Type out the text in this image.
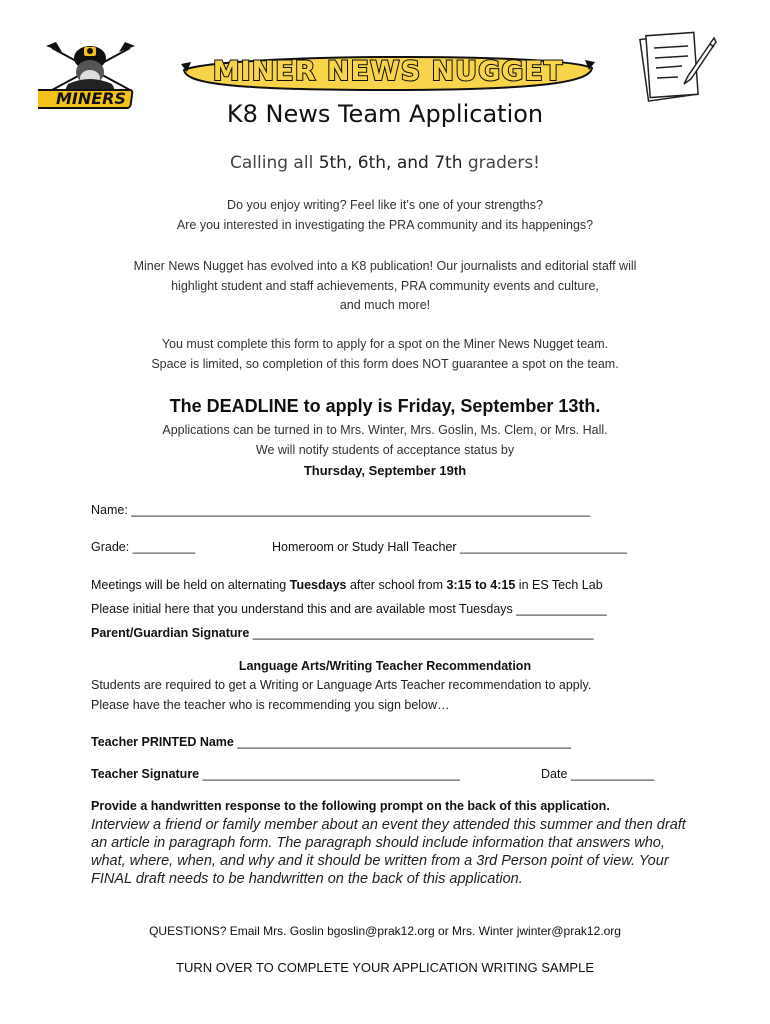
MINERS
MINER NEWS NUGGET
K8 News Team Application
Calling all 5th, 6th, and 7th graders!
Do you enjoy writing? Feel like it’s one of your strengths?
Are you interested in investigating the PRA community and its happenings?
Miner News Nugget has evolved into a K8 publication! Our journalists and editorial staff will
highlight student and staff achievements, PRA community events and culture,
and much more!
You must complete this form to apply for a spot on the Miner News Nugget team.
Space is limited, so completion of this form does NOT guarantee a spot on the team.
The DEADLINE to apply is Friday, September 13th.
Applications can be turned in to Mrs. Winter, Mrs. Goslin, Ms. Clem, or Mrs. Hall.
We will notify students of acceptance status by
Thursday, September 19th
Name: __________________________________________________________________
Grade: _________	Homeroom or Study Hall Teacher ________________________
Meetings will be held on alternating Tuesdays after school from 3:15 to 4:15 in ES Tech Lab
Please initial here that you understand this and are available most Tuesdays _____________
Parent/Guardian Signature _________________________________________________
Language Arts/Writing Teacher Recommendation
Students are required to get a Writing or Language Arts Teacher recommendation to apply.
Please have the teacher who is recommending you sign below…
Teacher PRINTED Name ________________________________________________
Teacher Signature _____________________________________	Date ____________
Provide a handwritten response to the following prompt on the back of this application.
Interview a friend or family member about an event they attended this summer and then draft an article in paragraph form. The paragraph should include information that answers who, what, where, when, and why and it should be written from a 3rd Person point of view. Your FINAL draft needs to be handwritten on the back of this application.
QUESTIONS? Email Mrs. Goslin bgoslin@prak12.org or Mrs. Winter jwinter@prak12.org
TURN OVER TO COMPLETE YOUR APPLICATION WRITING SAMPLE
